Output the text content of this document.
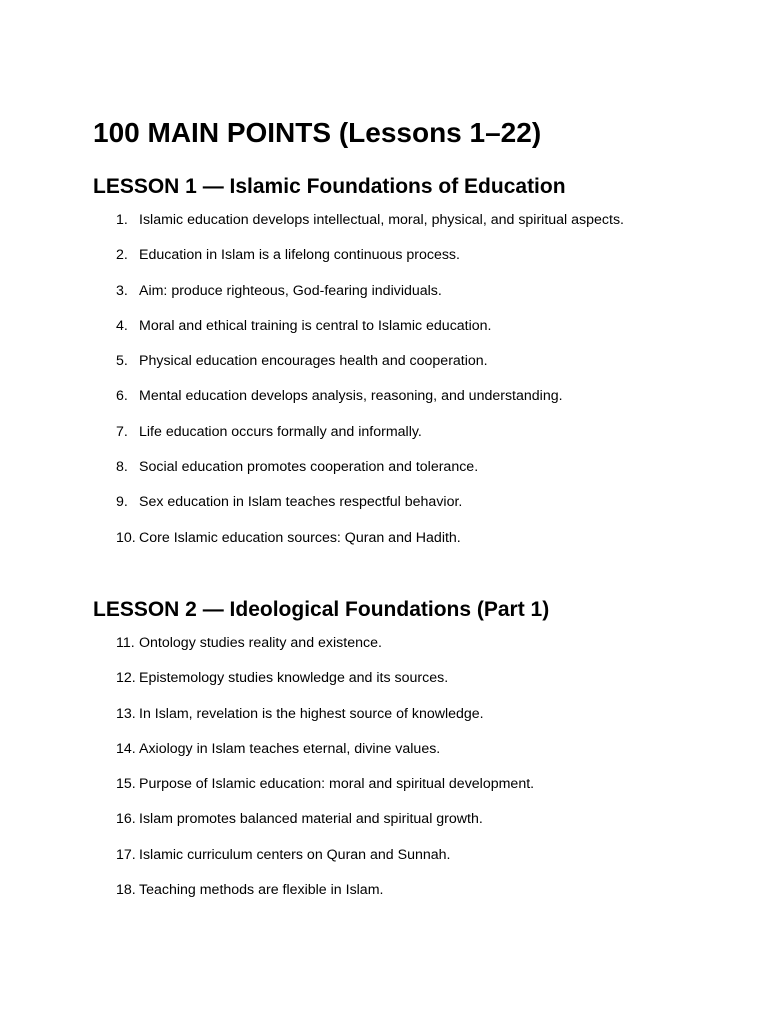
100 MAIN POINTS (Lessons 1–22)
LESSON 1 — Islamic Foundations of Education
1. Islamic education develops intellectual, moral, physical, and spiritual aspects.
2. Education in Islam is a lifelong continuous process.
3. Aim: produce righteous, God-fearing individuals.
4. Moral and ethical training is central to Islamic education.
5. Physical education encourages health and cooperation.
6. Mental education develops analysis, reasoning, and understanding.
7. Life education occurs formally and informally.
8. Social education promotes cooperation and tolerance.
9. Sex education in Islam teaches respectful behavior.
10. Core Islamic education sources: Quran and Hadith.
LESSON 2 — Ideological Foundations (Part 1)
11. Ontology studies reality and existence.
12. Epistemology studies knowledge and its sources.
13. In Islam, revelation is the highest source of knowledge.
14. Axiology in Islam teaches eternal, divine values.
15. Purpose of Islamic education: moral and spiritual development.
16. Islam promotes balanced material and spiritual growth.
17. Islamic curriculum centers on Quran and Sunnah.
18. Teaching methods are flexible in Islam.
